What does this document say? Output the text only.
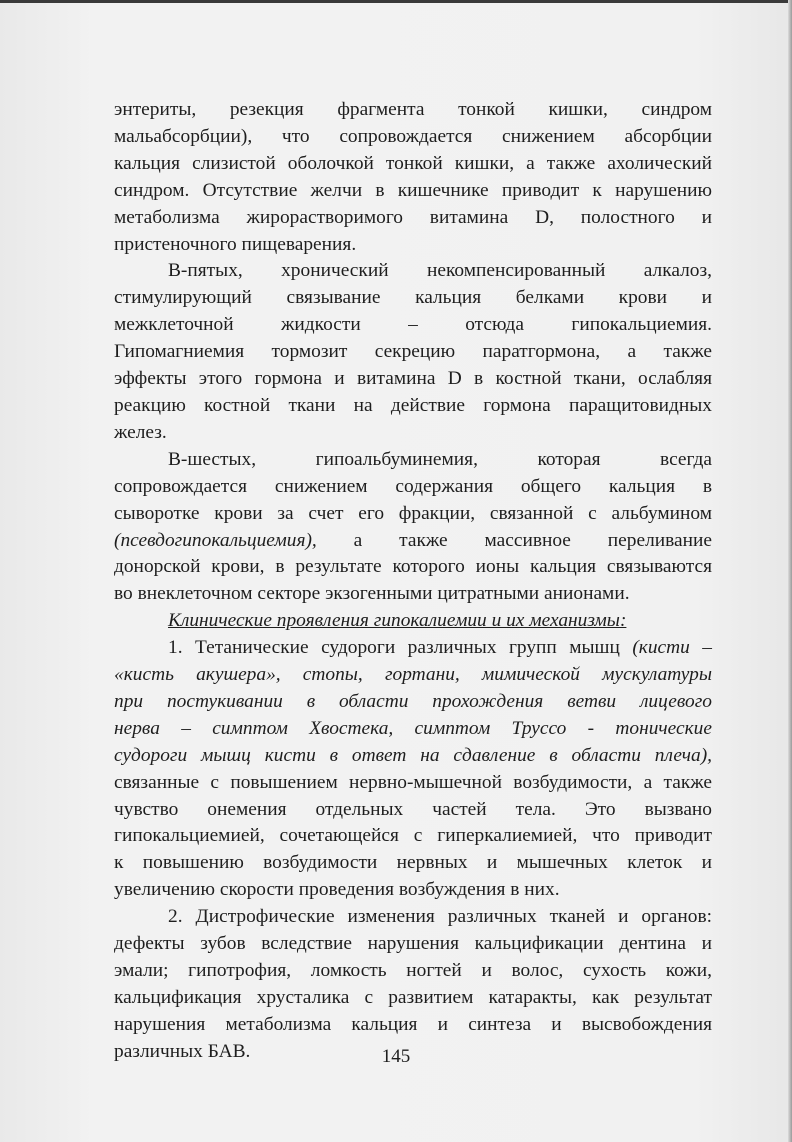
энтериты, резекция фрагмента тонкой кишки, синдром
мальабсорбции), что сопровождается снижением абсорбции
кальция слизистой оболочкой тонкой кишки, а также ахолический
синдром. Отсутствие желчи в кишечнике приводит к нарушению
метаболизма жирорастворимого витамина D, полостного и
пристеночного пищеварения.
В-пятых, хронический некомпенсированный алкалоз,
стимулирующий связывание кальция белками крови и
межклеточной жидкости – отсюда гипокальциемия.
Гипомагниемия тормозит секрецию паратгормона, а также
эффекты этого гормона и витамина D в костной ткани, ослабляя
реакцию костной ткани на действие гормона паращитовидных
желез.
В-шестых, гипоальбуминемия, которая всегда
сопровождается снижением содержания общего кальция в
сыворотке крови за счет его фракции, связанной с альбумином
(псевдогипокальциемия), а также массивное переливание
донорской крови, в результате которого ионы кальция связываются
во внеклеточном секторе экзогенными цитратными анионами.
Клинические проявления гипокалиемии и их механизмы:
1. Тетанические судороги различных групп мышц (кисти –
«кисть акушера», стопы, гортани, мимической мускулатуры
при постукивании в области прохождения ветви лицевого
нерва – симптом Хвостека, симптом Труссо - тонические
судороги мышц кисти в ответ на сдавление в области плеча),
связанные с повышением нервно-мышечной возбудимости, а также
чувство онемения отдельных частей тела. Это вызвано
гипокальциемией, сочетающейся с гиперкалиемией, что приводит
к повышению возбудимости нервных и мышечных клеток и
увеличению скорости проведения возбуждения в них.
2. Дистрофические изменения различных тканей и органов:
дефекты зубов вследствие нарушения кальцификации дентина и
эмали; гипотрофия, ломкость ногтей и волос, сухость кожи,
кальцификация хрусталика с развитием катаракты, как результат
нарушения метаболизма кальция и синтеза и высвобождения
различных БАВ.	145
